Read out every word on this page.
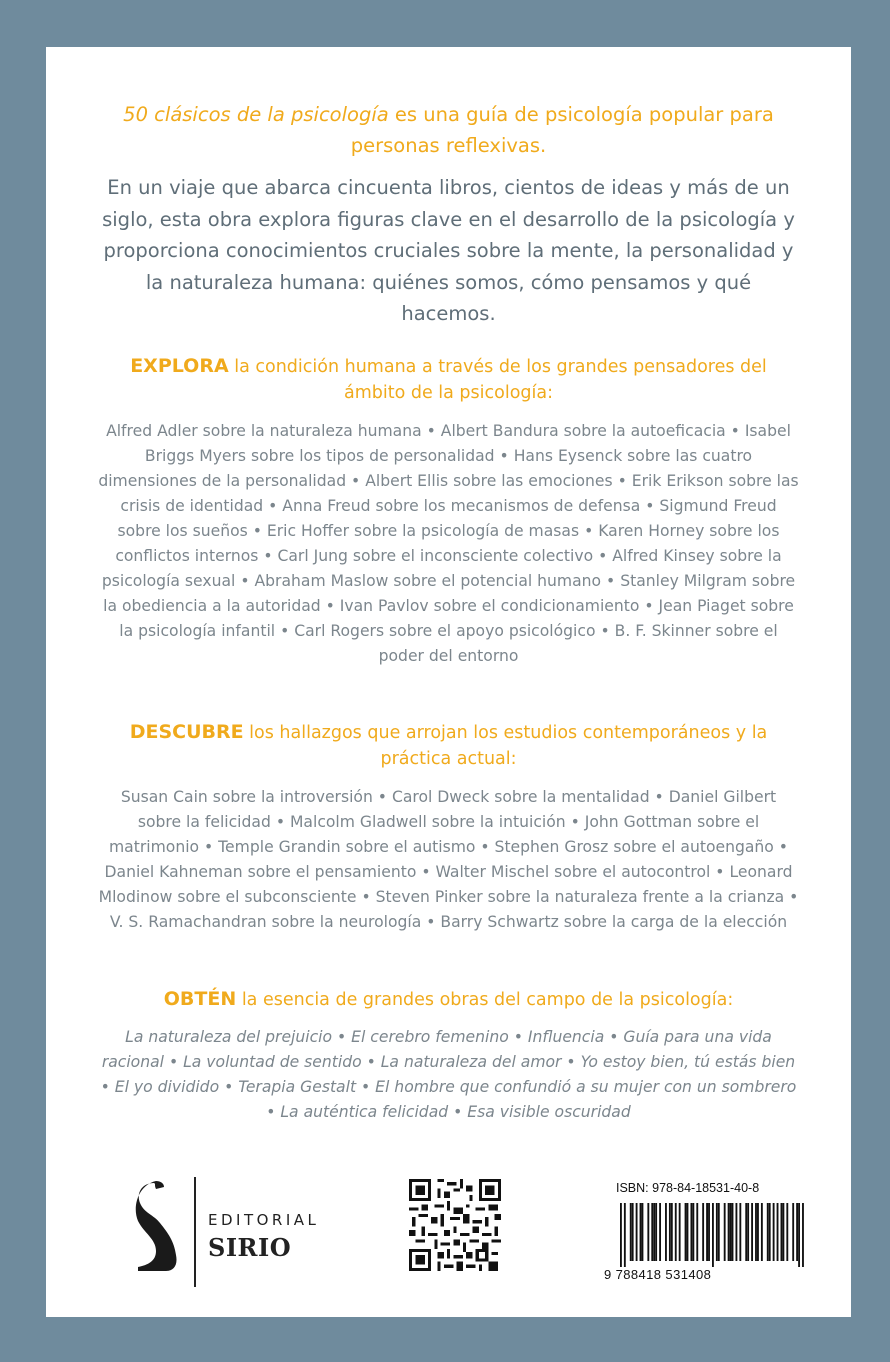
50 clásicos de la psicología es una guía de psicología popular para personas reflexivas.
En un viaje que abarca cincuenta libros, cientos de ideas y más de un siglo, esta obra explora figuras clave en el desarrollo de la psicología y proporciona conocimientos cruciales sobre la mente, la personalidad y la naturaleza humana: quiénes somos, cómo pensamos y qué hacemos.
EXPLORA la condición humana a través de los grandes pensadores del ámbito de la psicología:
Alfred Adler sobre la naturaleza humana • Albert Bandura sobre la autoeficacia • Isabel Briggs Myers sobre los tipos de personalidad • Hans Eysenck sobre las cuatro dimensiones de la personalidad • Albert Ellis sobre las emociones • Erik Erikson sobre las crisis de identidad • Anna Freud sobre los mecanismos de defensa • Sigmund Freud sobre los sueños • Eric Hoffer sobre la psicología de masas • Karen Horney sobre los conflictos internos • Carl Jung sobre el inconsciente colectivo • Alfred Kinsey sobre la psicología sexual • Abraham Maslow sobre el potencial humano • Stanley Milgram sobre la obediencia a la autoridad • Ivan Pavlov sobre el condicionamiento • Jean Piaget sobre la psicología infantil • Carl Rogers sobre el apoyo psicológico • B. F. Skinner sobre el poder del entorno
DESCUBRE los hallazgos que arrojan los estudios contemporáneos y la práctica actual:
Susan Cain sobre la introversión • Carol Dweck sobre la mentalidad • Daniel Gilbert sobre la felicidad • Malcolm Gladwell sobre la intuición • John Gottman sobre el matrimonio • Temple Grandin sobre el autismo • Stephen Grosz sobre el autoengaño • Daniel Kahneman sobre el pensamiento • Walter Mischel sobre el autocontrol • Leonard Mlodinow sobre el subconsciente • Steven Pinker sobre la naturaleza frente a la crianza • V. S. Ramachandran sobre la neurología • Barry Schwartz sobre la carga de la elección
OBTÉN la esencia de grandes obras del campo de la psicología:
La naturaleza del prejuicio • El cerebro femenino • Influencia • Guía para una vida racional • La voluntad de sentido • La naturaleza del amor • Yo estoy bien, tú estás bien • El yo dividido • Terapia Gestalt • El hombre que confundió a su mujer con un sombrero • La auténtica felicidad • Esa visible oscuridad
EDITORIAL
SIRIO
ISBN: 978-84-18531-40-8
9 788418 531408
